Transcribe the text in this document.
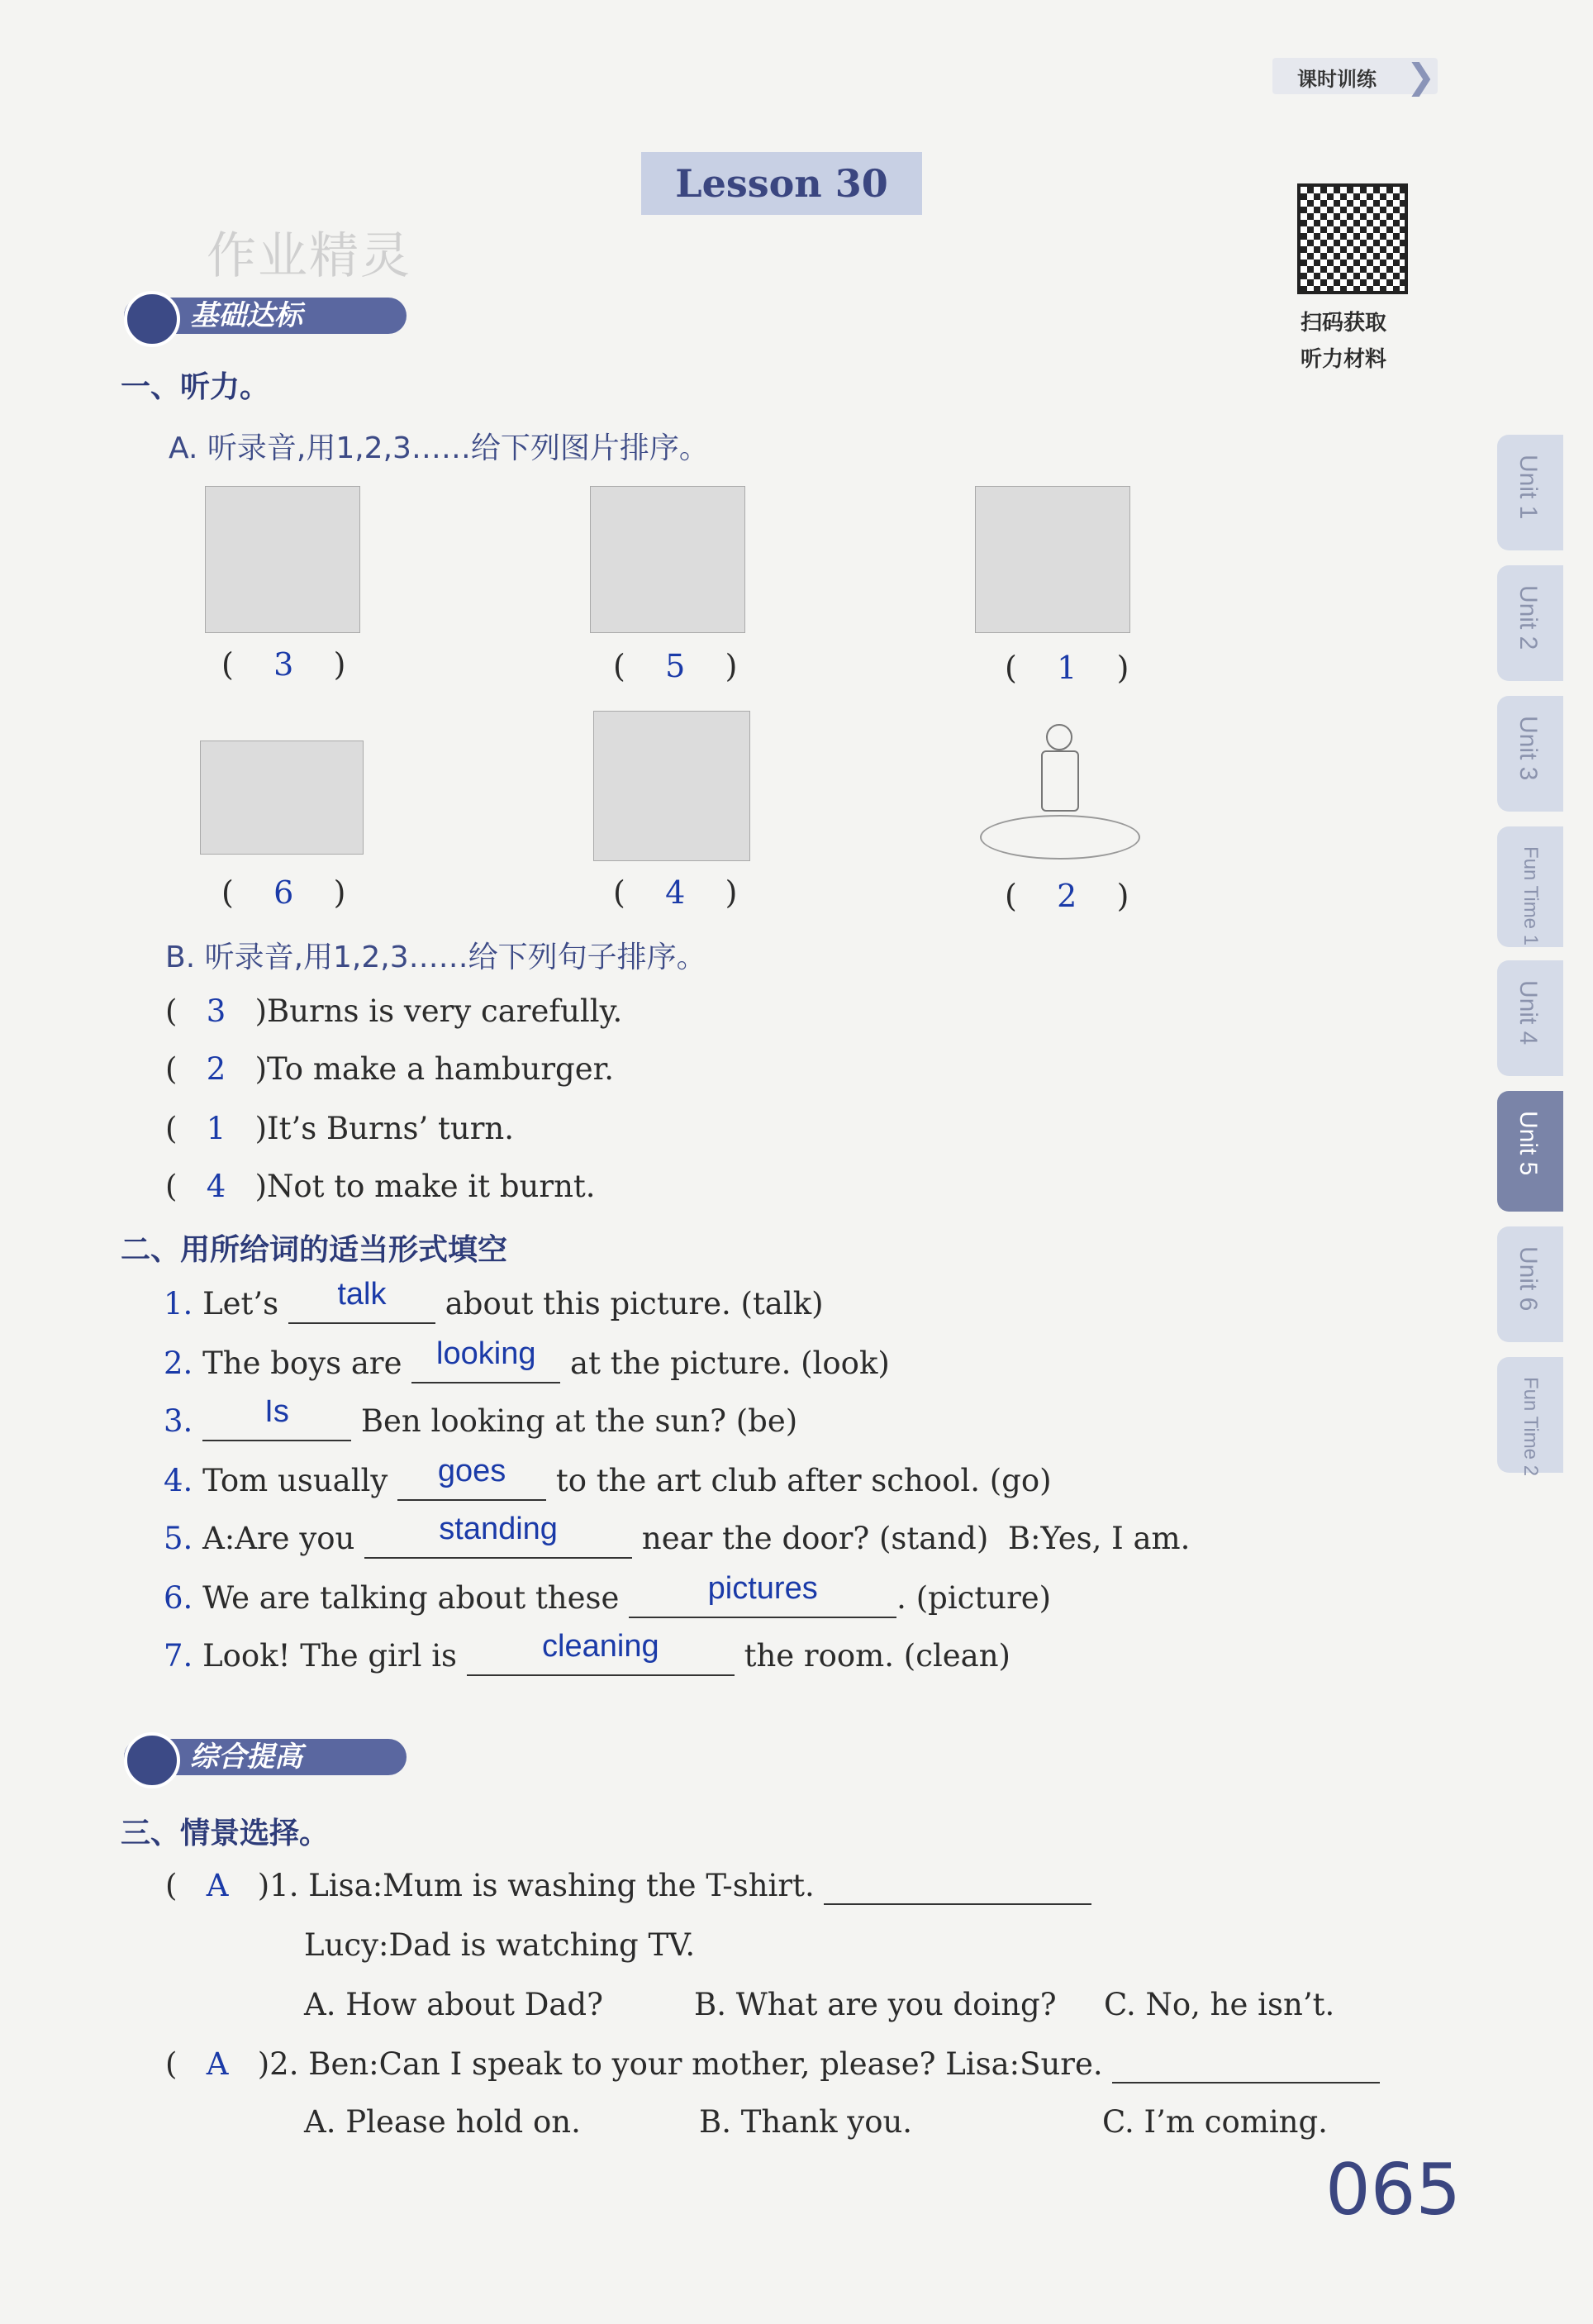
课时训练 ❯
Lesson 30
作业精灵
扫码获取
听力材料
基础达标
一、听力。
A. 听录音,用1,2,3……给下列图片排序。
(    3    )	(    5    )	(    1    )
(    6    )	(    4    )	(    2    )
B. 听录音,用1,2,3……给下列句子排序。
(   3 )Burns is very carefully.
(   2 )To make a hamburger.
(   1 )It’s Burns’ turn.
(   4 )Not to make it burnt.
二、用所给词的适当形式填空
1. Let’s talk about this picture. (talk)
2. The boys are looking at the picture. (look)
3. Is Ben looking at the sun? (be)
4. Tom usually goes to the art club after school. (go)
5. A:Are you	standing	near the door? (stand) B:Yes, I am.
6. We are talking about these	pictures	. (picture)
7. Look! The girl is	cleaning	the room. (clean)
综合提高
三、情景选择。
(   A )1. Lisa:Mum is washing the T-shirt.
Lucy:Dad is watching TV.
A. How about Dad?	B. What are you doing? C. No, he isn’t.
(   A )2. Ben:Can I speak to your mother, please? Lisa:Sure.
A. Please hold on.	B. Thank you.	C. I’m coming.
065
Unit 1
Unit 2
Unit 3
Fun Time 1
Unit 4
Unit 5
Unit 6
Fun Time 2
